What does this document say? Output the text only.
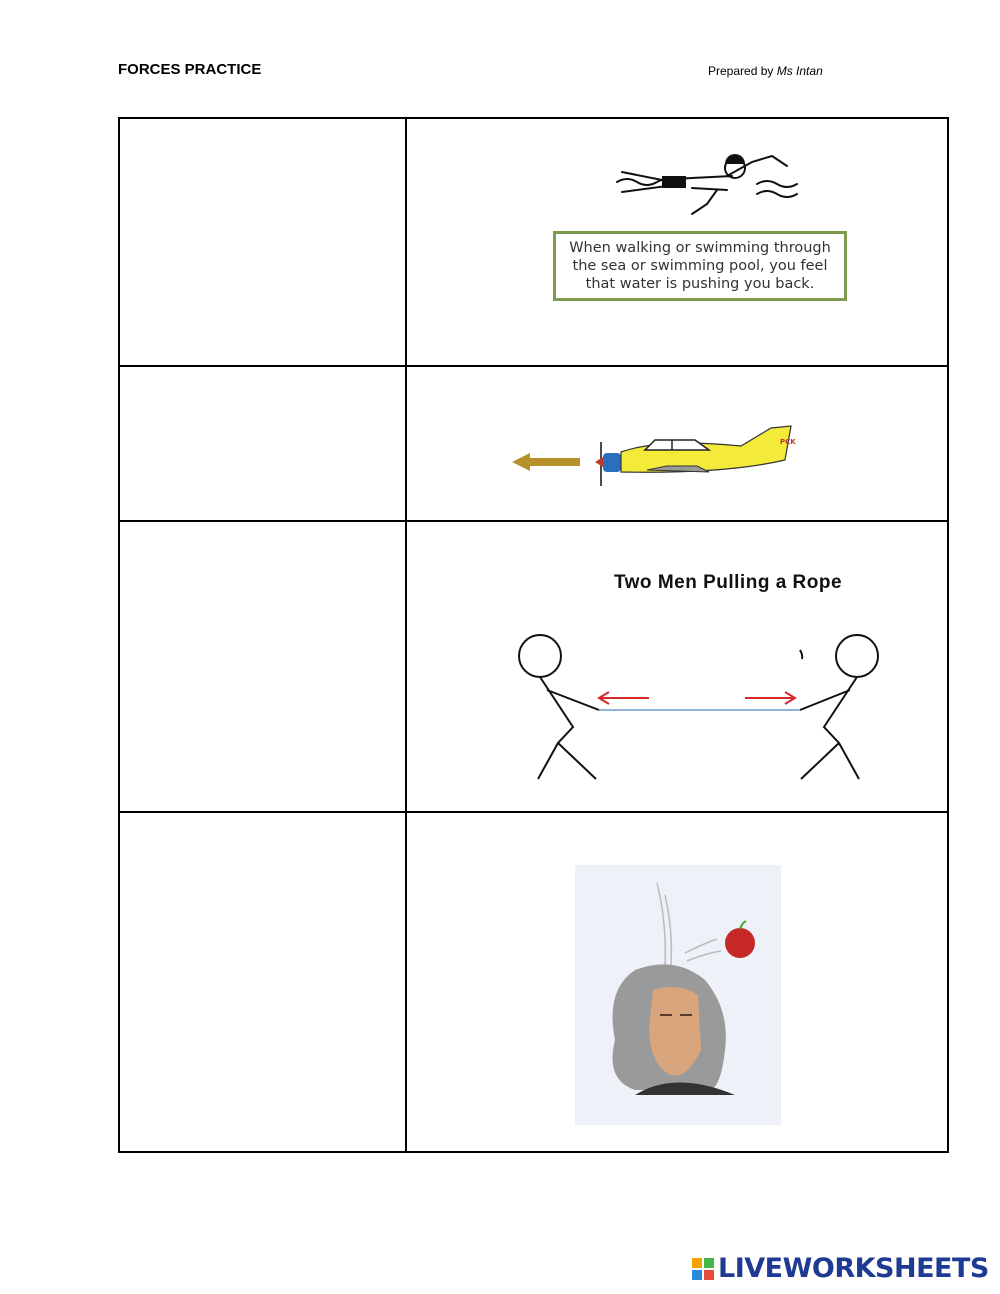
FORCES PRACTICE	Prepared by Ms Intan

When walking or swimming through the sea or swimming pool, you feel that water is pushing you back.

PCK

	Two Men Pulling a Rope

LIVEWORKSHEETS
